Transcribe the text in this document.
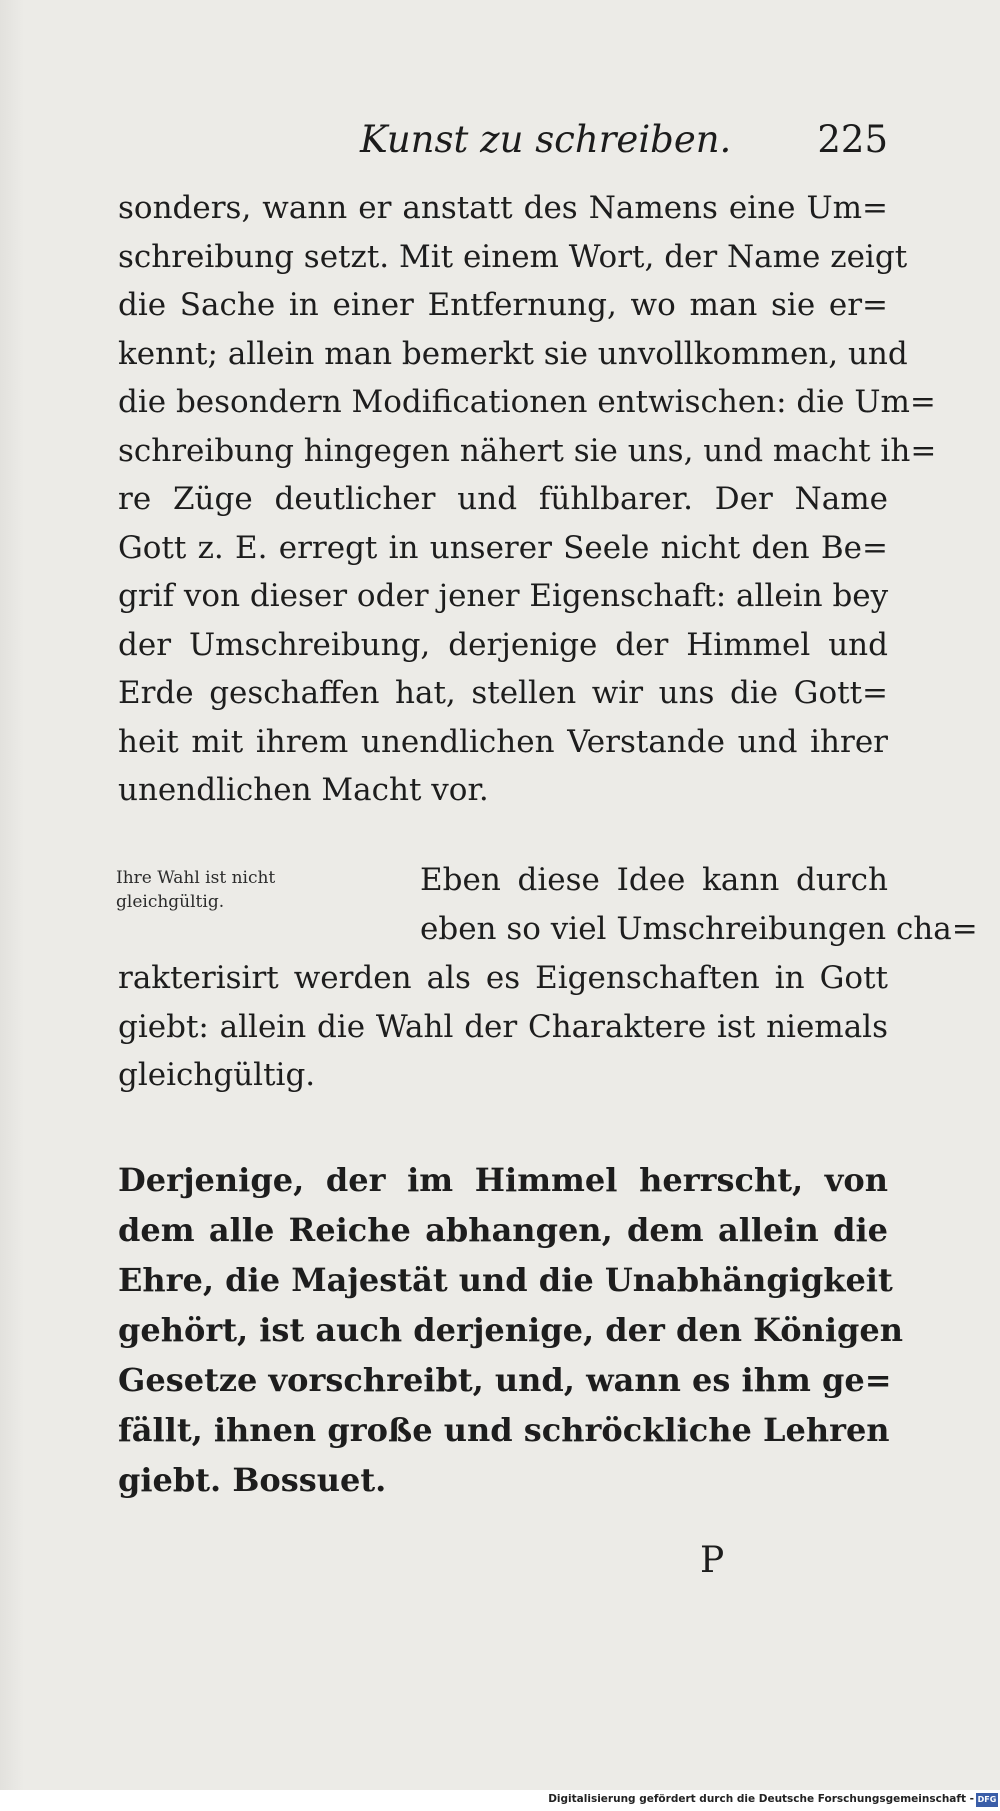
Kunst zu schreiben. 225
sonders, wann er anstatt des Namens eine Um=
schreibung setzt. Mit einem Wort, der Name zeigt
die Sache in einer Entfernung, wo man sie er=
kennt; allein man bemerkt sie unvollkommen, und
die besondern Modificationen entwischen: die Um=
schreibung hingegen nähert sie uns, und macht ih=
re Züge deutlicher und fühlbarer. Der Name
Gott z. E. erregt in unserer Seele nicht den Be=
grif von dieser oder jener Eigenschaft: allein bey
der Umschreibung, derjenige der Himmel und
Erde geschaffen hat, stellen wir uns die Gott=
heit mit ihrem unendlichen Verstande und ihrer
unendlichen Macht vor.
Ihre Wahl ist nicht
gleichgültig.
Eben diese Idee kann durch
eben so viel Umschreibungen cha=
rakterisirt werden als es Eigenschaften in Gott
giebt: allein die Wahl der Charaktere ist niemals
gleichgültig.
Derjenige, der im Himmel herrscht, von
dem alle Reiche abhangen, dem allein die
Ehre, die Majestät und die Unabhängigkeit
gehört, ist auch derjenige, der den Königen
Gesetze vorschreibt, und, wann es ihm ge=
fällt, ihnen große und schröckliche Lehren
giebt. Bossuet.
P
Digitalisierung gefördert durch die Deutsche Forschungsgemeinschaft - DFG
